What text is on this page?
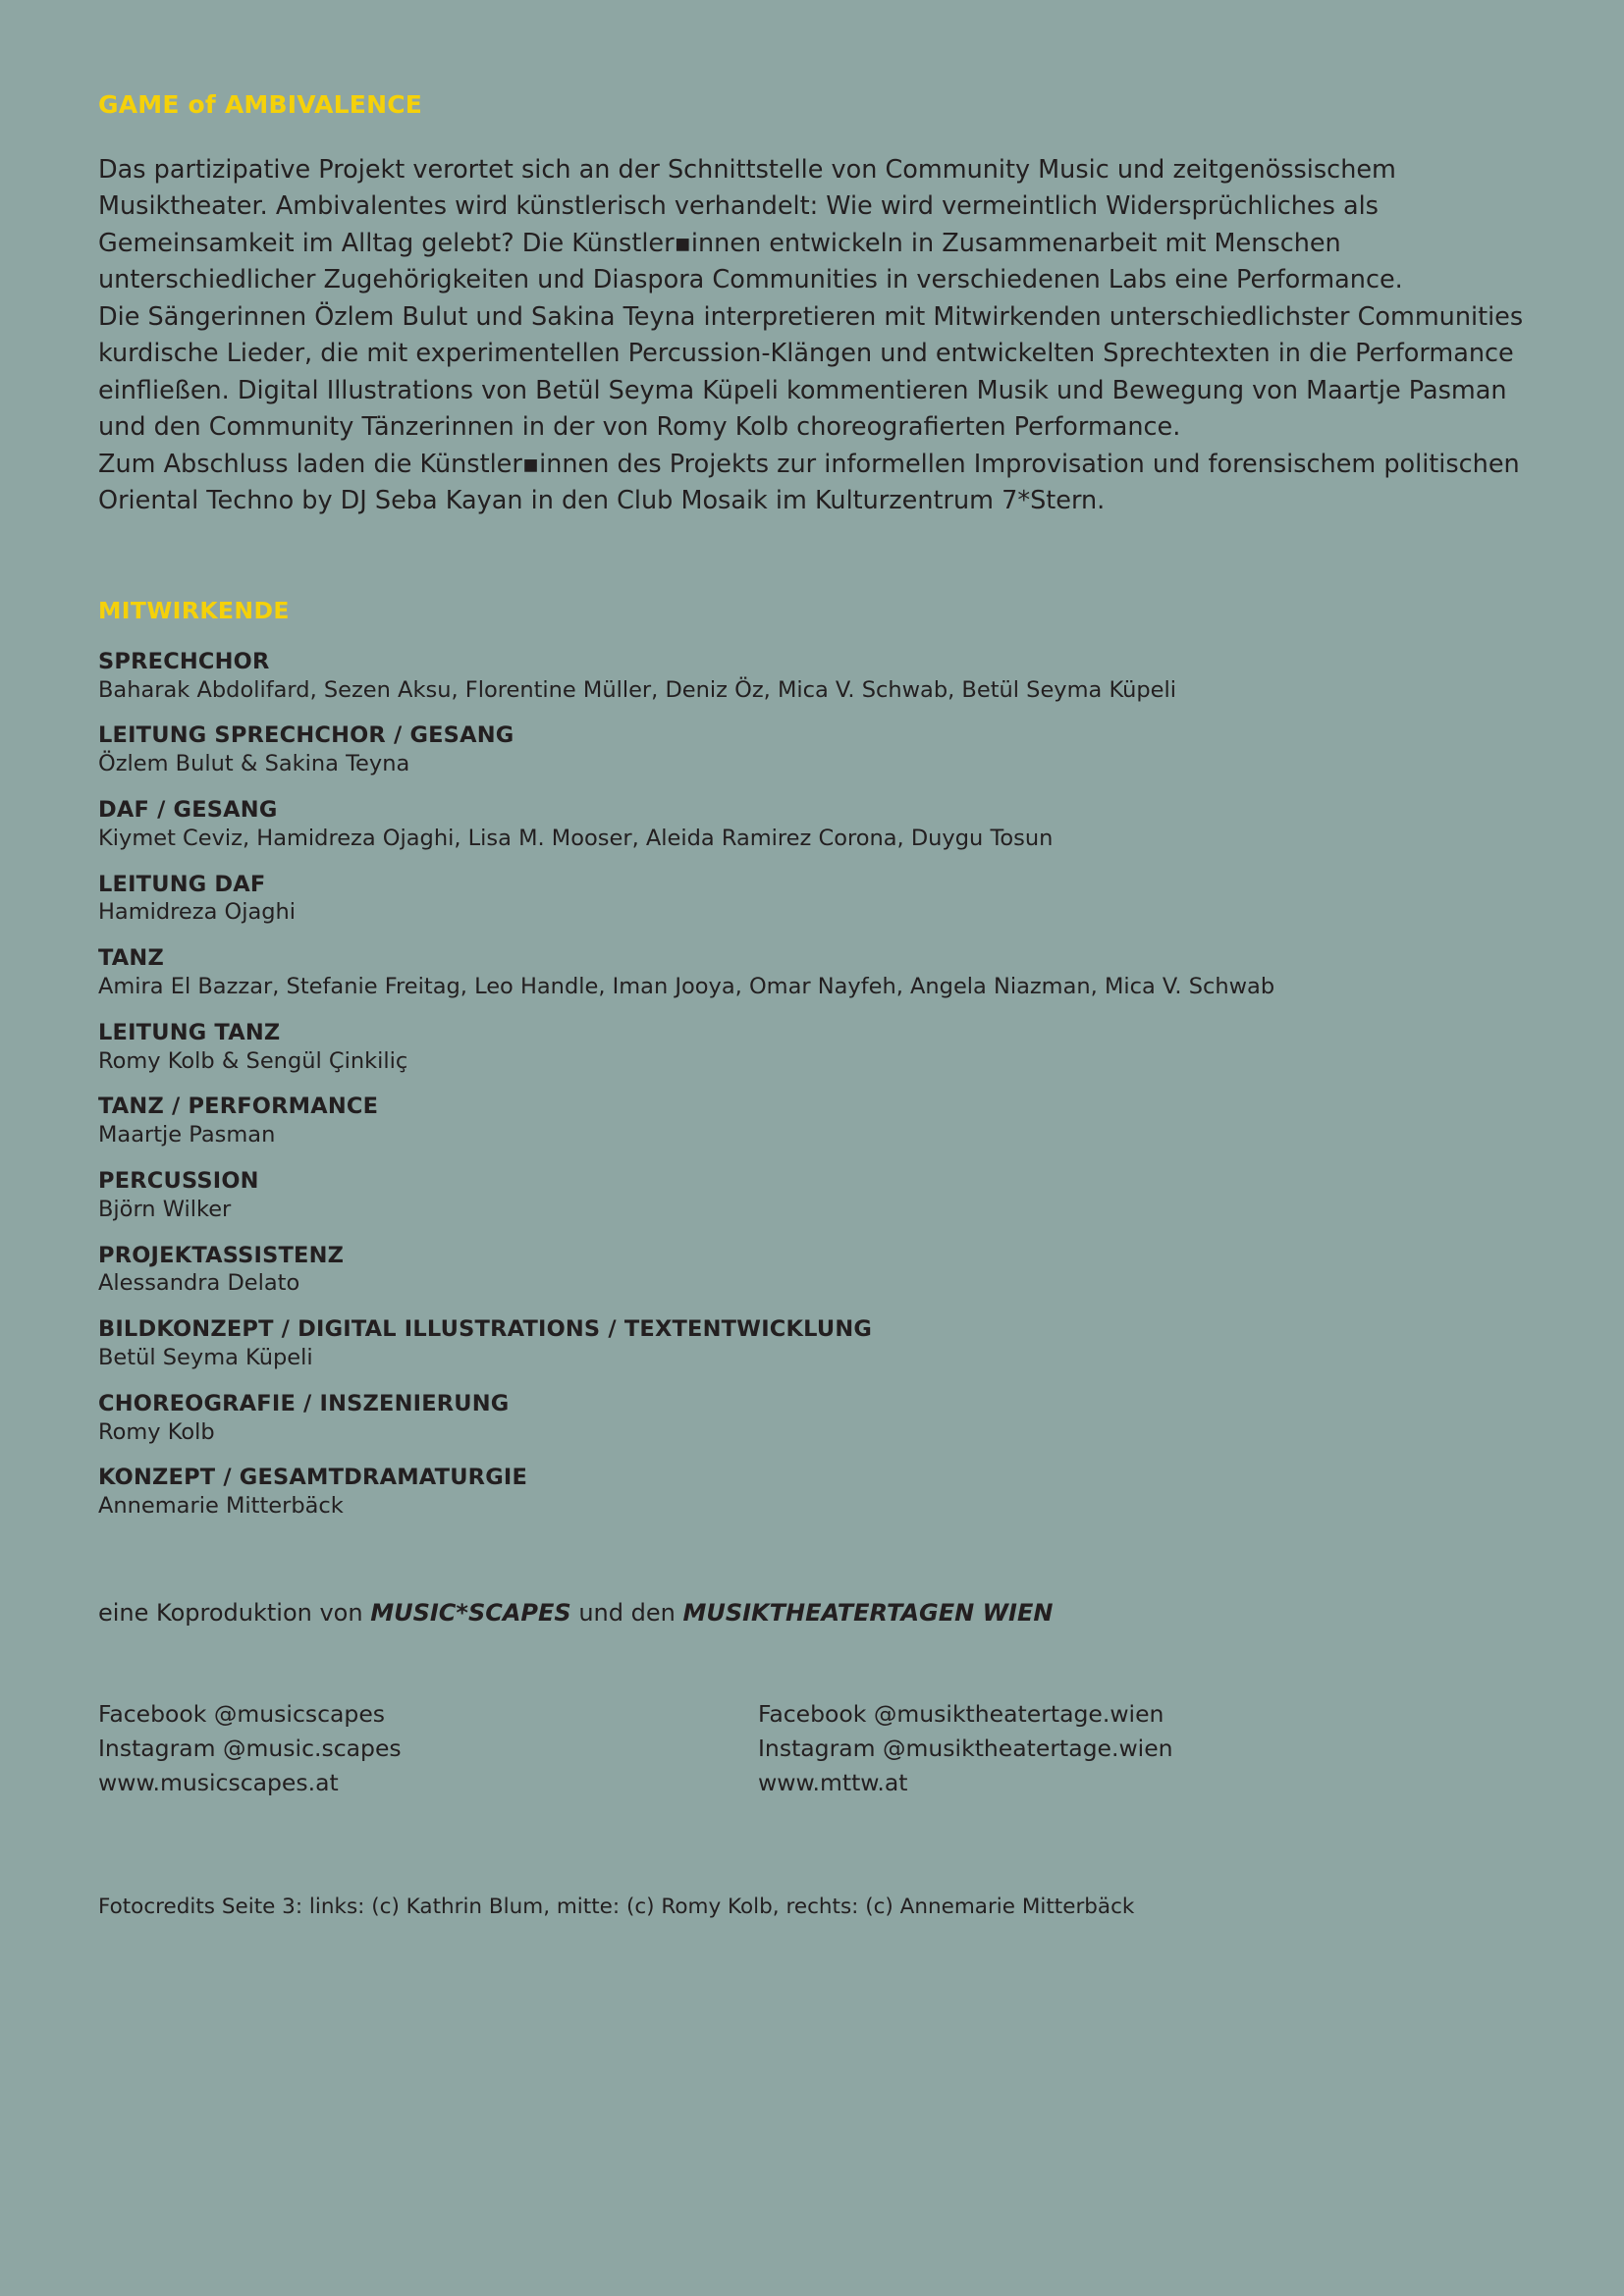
GAME of AMBIVALENCE

Das partizipative Projekt verortet sich an der Schnittstelle von Community Music und zeitgenössischem Musiktheater. Ambivalentes wird künstlerisch verhandelt: Wie wird vermeintlich Widersprüchliches als Gemeinsamkeit im Alltag gelebt? Die Künstler▪innen entwickeln in Zusammenarbeit mit Menschen unterschiedlicher Zugehörigkeiten und Diaspora Communities in verschiedenen Labs eine Performance.

Die Sängerinnen Özlem Bulut und Sakina Teyna interpretieren mit Mitwirkenden unterschiedlichster Communities kurdische Lieder, die mit experimentellen Percussion-Klängen und entwickelten Sprechtexten in die Performance einfließen. Digital Illustrations von Betül Seyma Küpeli kommentieren Musik und Bewegung von Maartje Pasman und den Community Tänzerinnen in der von Romy Kolb choreografierten Performance.

Zum Abschluss laden die Künstler▪innen des Projekts zur informellen Improvisation und forensischem politischen Oriental Techno by DJ Seba Kayan in den Club Mosaik im Kulturzentrum 7*Stern.

MITWIRKENDE
SPRECHCHOR
Baharak Abdolifard, Sezen Aksu, Florentine Müller, Deniz Öz, Mica V. Schwab, Betül Seyma Küpeli
LEITUNG SPRECHCHOR / GESANG
Özlem Bulut & Sakina Teyna
DAF / GESANG
Kiymet Ceviz, Hamidreza Ojaghi, Lisa M. Mooser, Aleida Ramirez Corona, Duygu Tosun
LEITUNG DAF
Hamidreza Ojaghi
TANZ
Amira El Bazzar, Stefanie Freitag, Leo Handle, Iman Jooya, Omar Nayfeh, Angela Niazman, Mica V. Schwab
LEITUNG TANZ
Romy Kolb & Sengül Çinkiliç
TANZ / PERFORMANCE
Maartje Pasman
PERCUSSION
Björn Wilker
PROJEKTASSISTENZ
Alessandra Delato
BILDKONZEPT / DIGITAL ILLUSTRATIONS / TEXTENTWICKLUNG
Betül Seyma Küpeli
CHOREOGRAFIE / INSZENIERUNG
Romy Kolb
KONZEPT / GESAMTDRAMATURGIE
Annemarie Mitterbäck
eine Koproduktion von MUSIC*SCAPES und den MUSIKTHEATERTAGEN WIEN
Facebook @musicscapes
Instagram @music.scapes
www.musicscapes.at
Facebook @musiktheatertage.wien
Instagram @musiktheatertage.wien
www.mttw.at
Fotocredits Seite 3: links: (c) Kathrin Blum, mitte: (c) Romy Kolb, rechts: (c) Annemarie Mitterbäck
